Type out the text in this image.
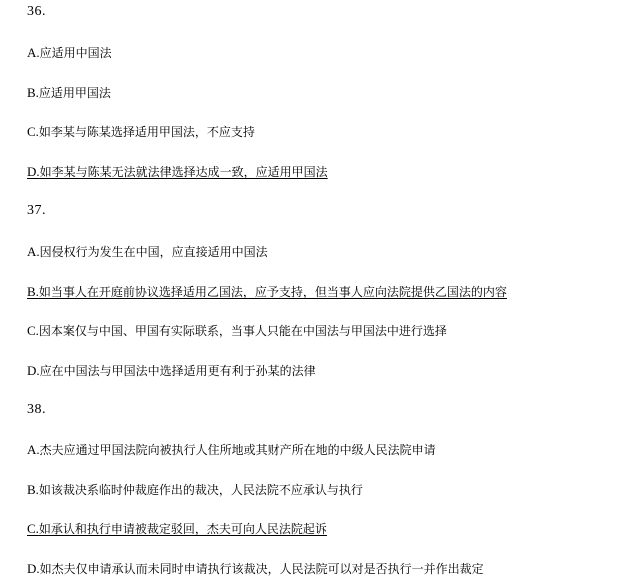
36.
A.应适用中国法
B.应适用甲国法
C.如李某与陈某选择适用甲国法，不应支持
D.如李某与陈某无法就法律选择达成一致，应适用甲国法
37.
A.因侵权行为发生在中国，应直接适用中国法
B.如当事人在开庭前协议选择适用乙国法，应予支持，但当事人应向法院提供乙国法的内容
C.因本案仅与中国、甲国有实际联系，当事人只能在中国法与甲国法中进行选择
D.应在中国法与甲国法中选择适用更有利于孙某的法律
38.
A.杰夫应通过甲国法院向被执行人住所地或其财产所在地的中级人民法院申请
B.如该裁决系临时仲裁庭作出的裁决，人民法院不应承认与执行
C.如承认和执行申请被裁定驳回，杰夫可向人民法院起诉
D.如杰夫仅申请承认而未同时申请执行该裁决，人民法院可以对是否执行一并作出裁定
